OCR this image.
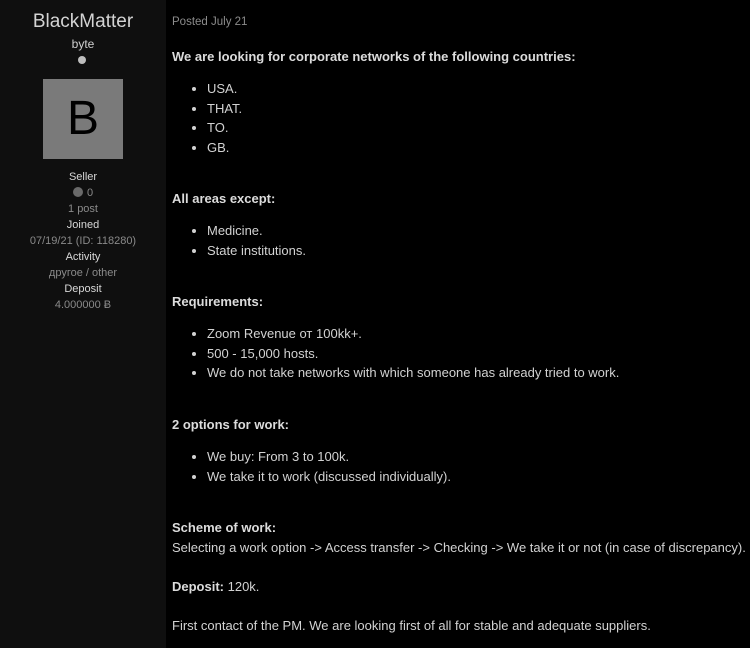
BlackMatter
byte
B
Seller
0
1 post
Joined
07/19/21 (ID: 118280)
Activity
другое / other
Deposit
4.000000 Ƀ
Posted July 21
We are looking for corporate networks of the following countries:
• USA.
• THAT.
• TO.
• GB.
All areas except:
• Medicine.
• State institutions.
Requirements:
• Zoom Revenue от 100kk+.
• 500 - 15,000 hosts.
• We do not take networks with which someone has already tried to work.
2 options for work:
• We buy: From 3 to 100k.
• We take it to work (discussed individually).
Scheme of work:
Selecting a work option -> Access transfer -> Checking -> We take it or not (in case of discrepancy).
Deposit: 120k.
First contact of the PM. We are looking first of all for stable and adequate suppliers.
